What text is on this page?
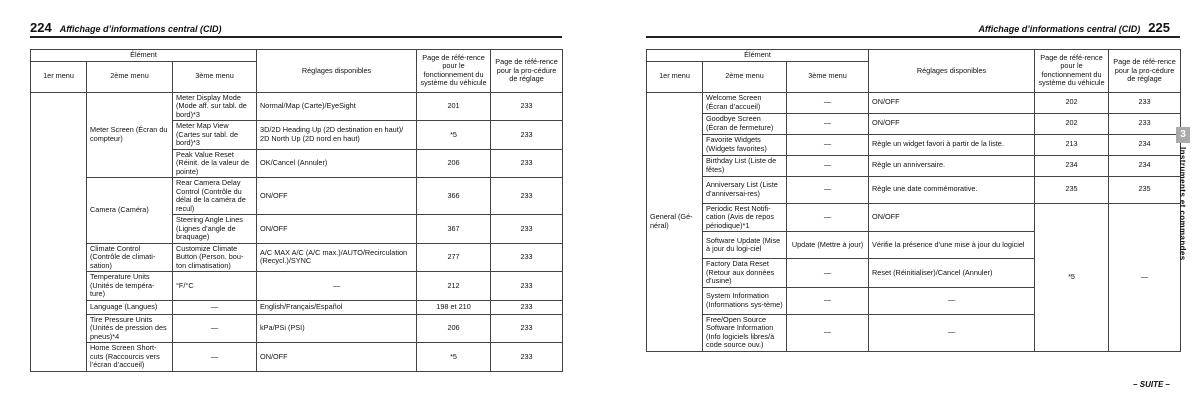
224 Affichage d’informations central (CID)
Élément			Réglages disponibles	Page de réfé-rence pour le fonctionnement du système du véhicule	Page de réfé-rence pour la pro-cédure de réglage
1er menu	2ème menu	3ème menu			
	Meter Screen (Écran du compteur)	Meter Display Mode (Mode aff. sur tabl. de bord)*3	Normal/Map (Carte)/EyeSight	201	233
		Meter Map View (Cartes sur tabl. de bord)*3	3D/2D Heading Up (2D destination en haut)/ 2D North Up (2D nord en haut)	*5	233
		Peak Value Reset (Réinit. de la valeur de pointe)	OK/Cancel (Annuler)	206	233
	Camera (Caméra)	Rear Camera Delay Control (Contrôle du délai de la caméra de recul)	ON/OFF	366	233
		Steering Angle Lines (Lignes d’angle de braquage)	ON/OFF	367	233
	Climate Control (Contrôle de climati-sation)	Customize Climate Button (Person. bou-ton climatisation)	A/C MAX A/C (A/C max.)/AUTO/Recirculation (Recycl.)/SYNC	277	233
	Temperature Units (Unités de tempéra-ture)	°F/°C	—	212	233
	Language (Langues)	—	English/Français/Español	198 et 210	233
	Tire Pressure Units (Unités de pression des pneus)*4	—	kPa/PSi (PSI)	206	233
	Home Screen Short-cuts (Raccourcis vers l’écran d’accueil)	—	ON/OFF	*5	233
Affichage d’informations central (CID) 225
Élément			Réglages disponibles	Page de réfé-rence pour le fonctionnement du système du véhicule	Page de réfé-rence pour la pro-cédure de réglage
1er menu	2ème menu	3ème menu			
General (Gé-néral)	Welcome Screen (Écran d’accueil)	—	ON/OFF	202	233
	Goodbye Screen (Écran de fermeture)	—	ON/OFF	202	233
	Favorite Widgets (Widgets favorites)	—	Règle un widget favori à partir de la liste.	213	234
	Birthday List (Liste de fêtes)	—	Règle un anniversaire.	234	234
	Anniversary List (Liste d’anniversai-res)	—	Règle une date commémorative.	235	235
	Periodic Rest Notifi-cation (Avis de repos périodique)*1	—	ON/OFF	*5	—
	Software Update (Mise à jour du logi-ciel	Update (Mettre à jour)	Vérifie la présence d’une mise à jour du logiciel		
	Factory Data Reset (Retour aux données d’usine)	—	Reset (Réinitialiser)/Cancel (Annuler)		
	System Information (Informations sys-tème)	—	—		
	Free/Open Source Software Information (Info logiciels libres/à code source ouv.)	—	—		
3
Instruments et commandes
– SUITE –
